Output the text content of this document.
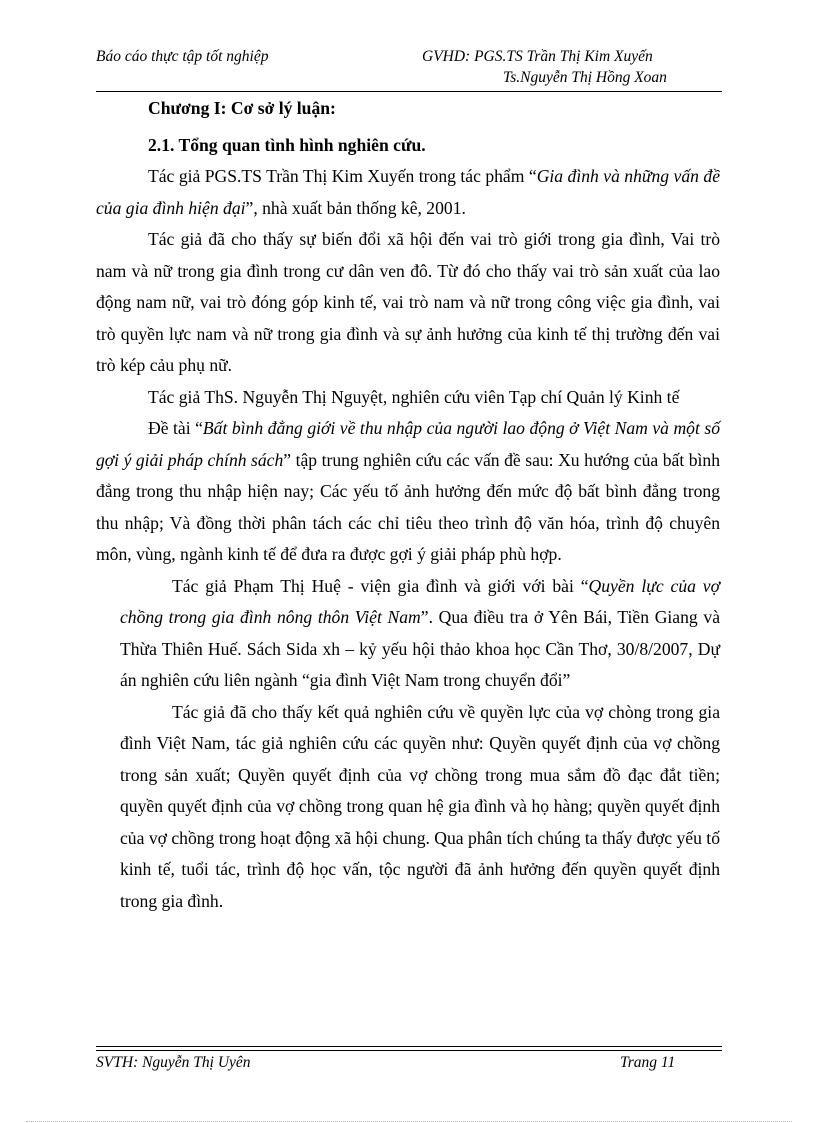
Báo cáo thực tập tốt nghiệp	GVHD: PGS.TS Trần Thị Kim Xuyến
Ts.Nguyễn Thị Hồng Xoan

Chương I: Cơ sở lý luận:

2.1. Tổng quan tình hình nghiên cứu.

Tác giả PGS.TS Trần Thị Kim Xuyến trong tác phẩm “Gia đình và những vấn đề của gia đình hiện đại”, nhà xuất bản thống kê, 2001.

Tác giả đã cho thấy sự biến đổi xã hội đến vai trò giới trong gia đình, Vai trò nam và nữ trong gia đình trong cư dân ven đô. Từ đó cho thấy vai trò sản xuất của lao động nam nữ, vai trò đóng góp kinh tế, vai trò nam và nữ trong công việc gia đình, vai trò quyền lực nam và nữ trong gia đình và sự ảnh hưởng của kinh tế thị trường đến vai trò kép cảu phụ nữ.

Tác giả ThS. Nguyễn Thị Nguyệt, nghiên cứu viên Tạp chí Quản lý Kinh tế

Đề tài “Bất bình đẳng giới về thu nhập của người lao động ở Việt Nam và một số gợi ý giải pháp chính sách” tập trung nghiên cứu các vấn đề sau: Xu hướng của bất bình đẳng trong thu nhập hiện nay; Các yếu tố ảnh hưởng đến mức độ bất bình đẳng trong thu nhập; Và đồng thời phân tách các chỉ tiêu theo trình độ văn hóa, trình độ chuyên môn, vùng, ngành kinh tế để đưa ra được gợi ý giải pháp phù hợp.

Tác giả Phạm Thị Huệ - viện gia đình và giới với bài “Quyền lực của vợ chồng trong gia đình nông thôn Việt Nam”. Qua điều tra ở Yên Bái, Tiền Giang và Thừa Thiên Huế. Sách Sida xh – kỷ yếu hội thảo khoa học Cần Thơ, 30/8/2007, Dự án nghiên cứu liên ngành “gia đình Việt Nam trong chuyển đổi”

Tác giả đã cho thấy kết quả nghiên cứu về quyền lực của vợ chòng trong gia đình Việt Nam, tác giả nghiên cứu các quyền như: Quyền quyết định của vợ chồng trong sản xuất; Quyền quyết định của vợ chồng trong mua sắm đồ đạc đắt tiền; quyền quyết định của vợ chồng trong quan hệ gia đình và họ hàng; quyền quyết định của vợ chồng trong hoạt động xã hội chung. Qua phân tích chúng ta thấy được yếu tố kinh tế, tuổi tác, trình độ học vấn, tộc người đã ảnh hưởng đến quyền quyết định trong gia đình.

SVTH: Nguyễn Thị Uyên	Trang 11
